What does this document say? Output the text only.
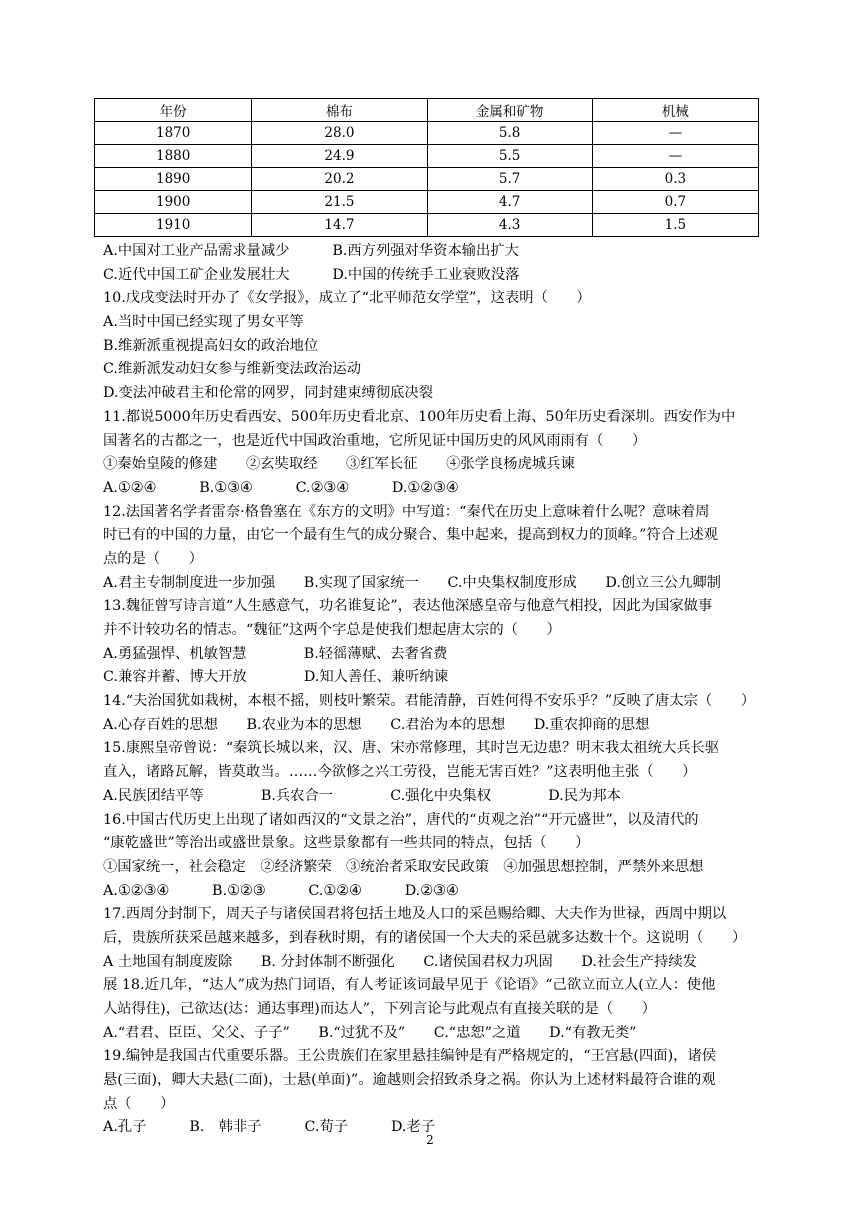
年份	棉布	金属和矿物	机械
1870	28.0	5.8	—
1880	24.9	5.5	—
1890	20.2	5.7	0.3
1900	21.5	4.7	0.7
1910	14.7	4.3	1.5
A.中国对工业产品需求量减少　　　B.西方列强对华资本输出扩大
C.近代中国工矿企业发展壮大　　　D.中国的传统手工业衰败没落
10.戊戌变法时开办了《女学报》，成立了“北平师范女学堂”，这表明（　　）
A.当时中国已经实现了男女平等
B.维新派重视提高妇女的政治地位
C.维新派发动妇女参与维新变法政治运动
D.变法冲破君主和伦常的网罗，同封建束缚彻底决裂
11.都说5000年历史看西安、500年历史看北京、100年历史看上海、50年历史看深圳。西安作为中
国著名的古都之一，也是近代中国政治重地，它所见证中国历史的风风雨雨有（　　）
①秦始皇陵的修建　　②玄奘取经　　③红军长征　　④张学良杨虎城兵谏
A.①②④　　　B.①③④　　　C.②③④　　　D.①②③④
12.法国著名学者雷奈·格鲁塞在《东方的文明》中写道：“秦代在历史上意味着什么呢？意味着周
时已有的中国的力量，由它一个最有生气的成分聚合、集中起来，提高到权力的顶峰。”符合上述观
点的是（　　）
A.君主专制制度进一步加强　　B.实现了国家统一　　C.中央集权制度形成　　D.创立三公九卿制
13.魏征曾写诗言道“人生感意气，功名谁复论”，表达他深感皇帝与他意气相投，因此为国家做事
并不计较功名的情志。“魏征”这两个字总是使我们想起唐太宗的（　　）
A.勇猛强悍、机敏智慧　　　　B.轻徭薄赋、去奢省费
C.兼容并蓄、博大开放　　　　D.知人善任、兼听纳谏
14.“夫治国犹如栽树，本根不摇，则枝叶繁荣。君能清静，百姓何得不安乐乎？”反映了唐太宗（　　）
A.心存百姓的思想　　B.农业为本的思想　　C.君治为本的思想　　D.重农抑商的思想
15.康熙皇帝曾说：“秦筑长城以来，汉、唐、宋亦常修理，其时岂无边患？明末我太祖统大兵长驱
直入，诸路瓦解，皆莫敢当。……今欲修之兴工劳役，岂能无害百姓？”这表明他主张（　　）
A.民族团结平等　　　　B.兵农合一　　　　C.强化中央集权　　　　D.民为邦本
16.中国古代历史上出现了诸如西汉的“文景之治”，唐代的“贞观之治”“开元盛世”，以及清代的
“康乾盛世”等治出或盛世景象。这些景象都有一些共同的特点，包括（　　）
①国家统一，社会稳定　②经济繁荣　③统治者采取安民政策　④加强思想控制，严禁外来思想
A.①②③④　　　B.①②③　　　C.①②④　　　D.②③④
17.西周分封制下，周天子与诸侯国君将包括土地及人口的采邑赐给卿、大夫作为世禄，西周中期以
后，贵族所获采邑越来越多，到春秋时期，有的诸侯国一个大夫的采邑就多达数十个。这说明（　　）
A 土地国有制度废除　　B. 分封体制不断强化　　C.诸侯国君权力巩固　　D.社会生产持续发
展 18.近几年，“达人”成为热门词语，有人考证该词最早见于《论语》“己欲立而立人(立人：使他
人站得住)，己欲达(达：通达事理)而达人”，下列言论与此观点有直接关联的是（　　）
A.“君君、臣臣、父父、子子”　　B.“过犹不及”　　C.“忠恕”之道　　D.“有教无类”
19.编钟是我国古代重要乐器。王公贵族们在家里悬挂编钟是有严格规定的，“王宫悬(四面)，诸侯
悬(三面)，卿大夫悬(二面)，士悬(单面)”。逾越则会招致杀身之祸。你认为上述材料最符合谁的观
点（　　）
A.孔子　　　B.　韩非子　　　C.荀子　　　D.老子
2
